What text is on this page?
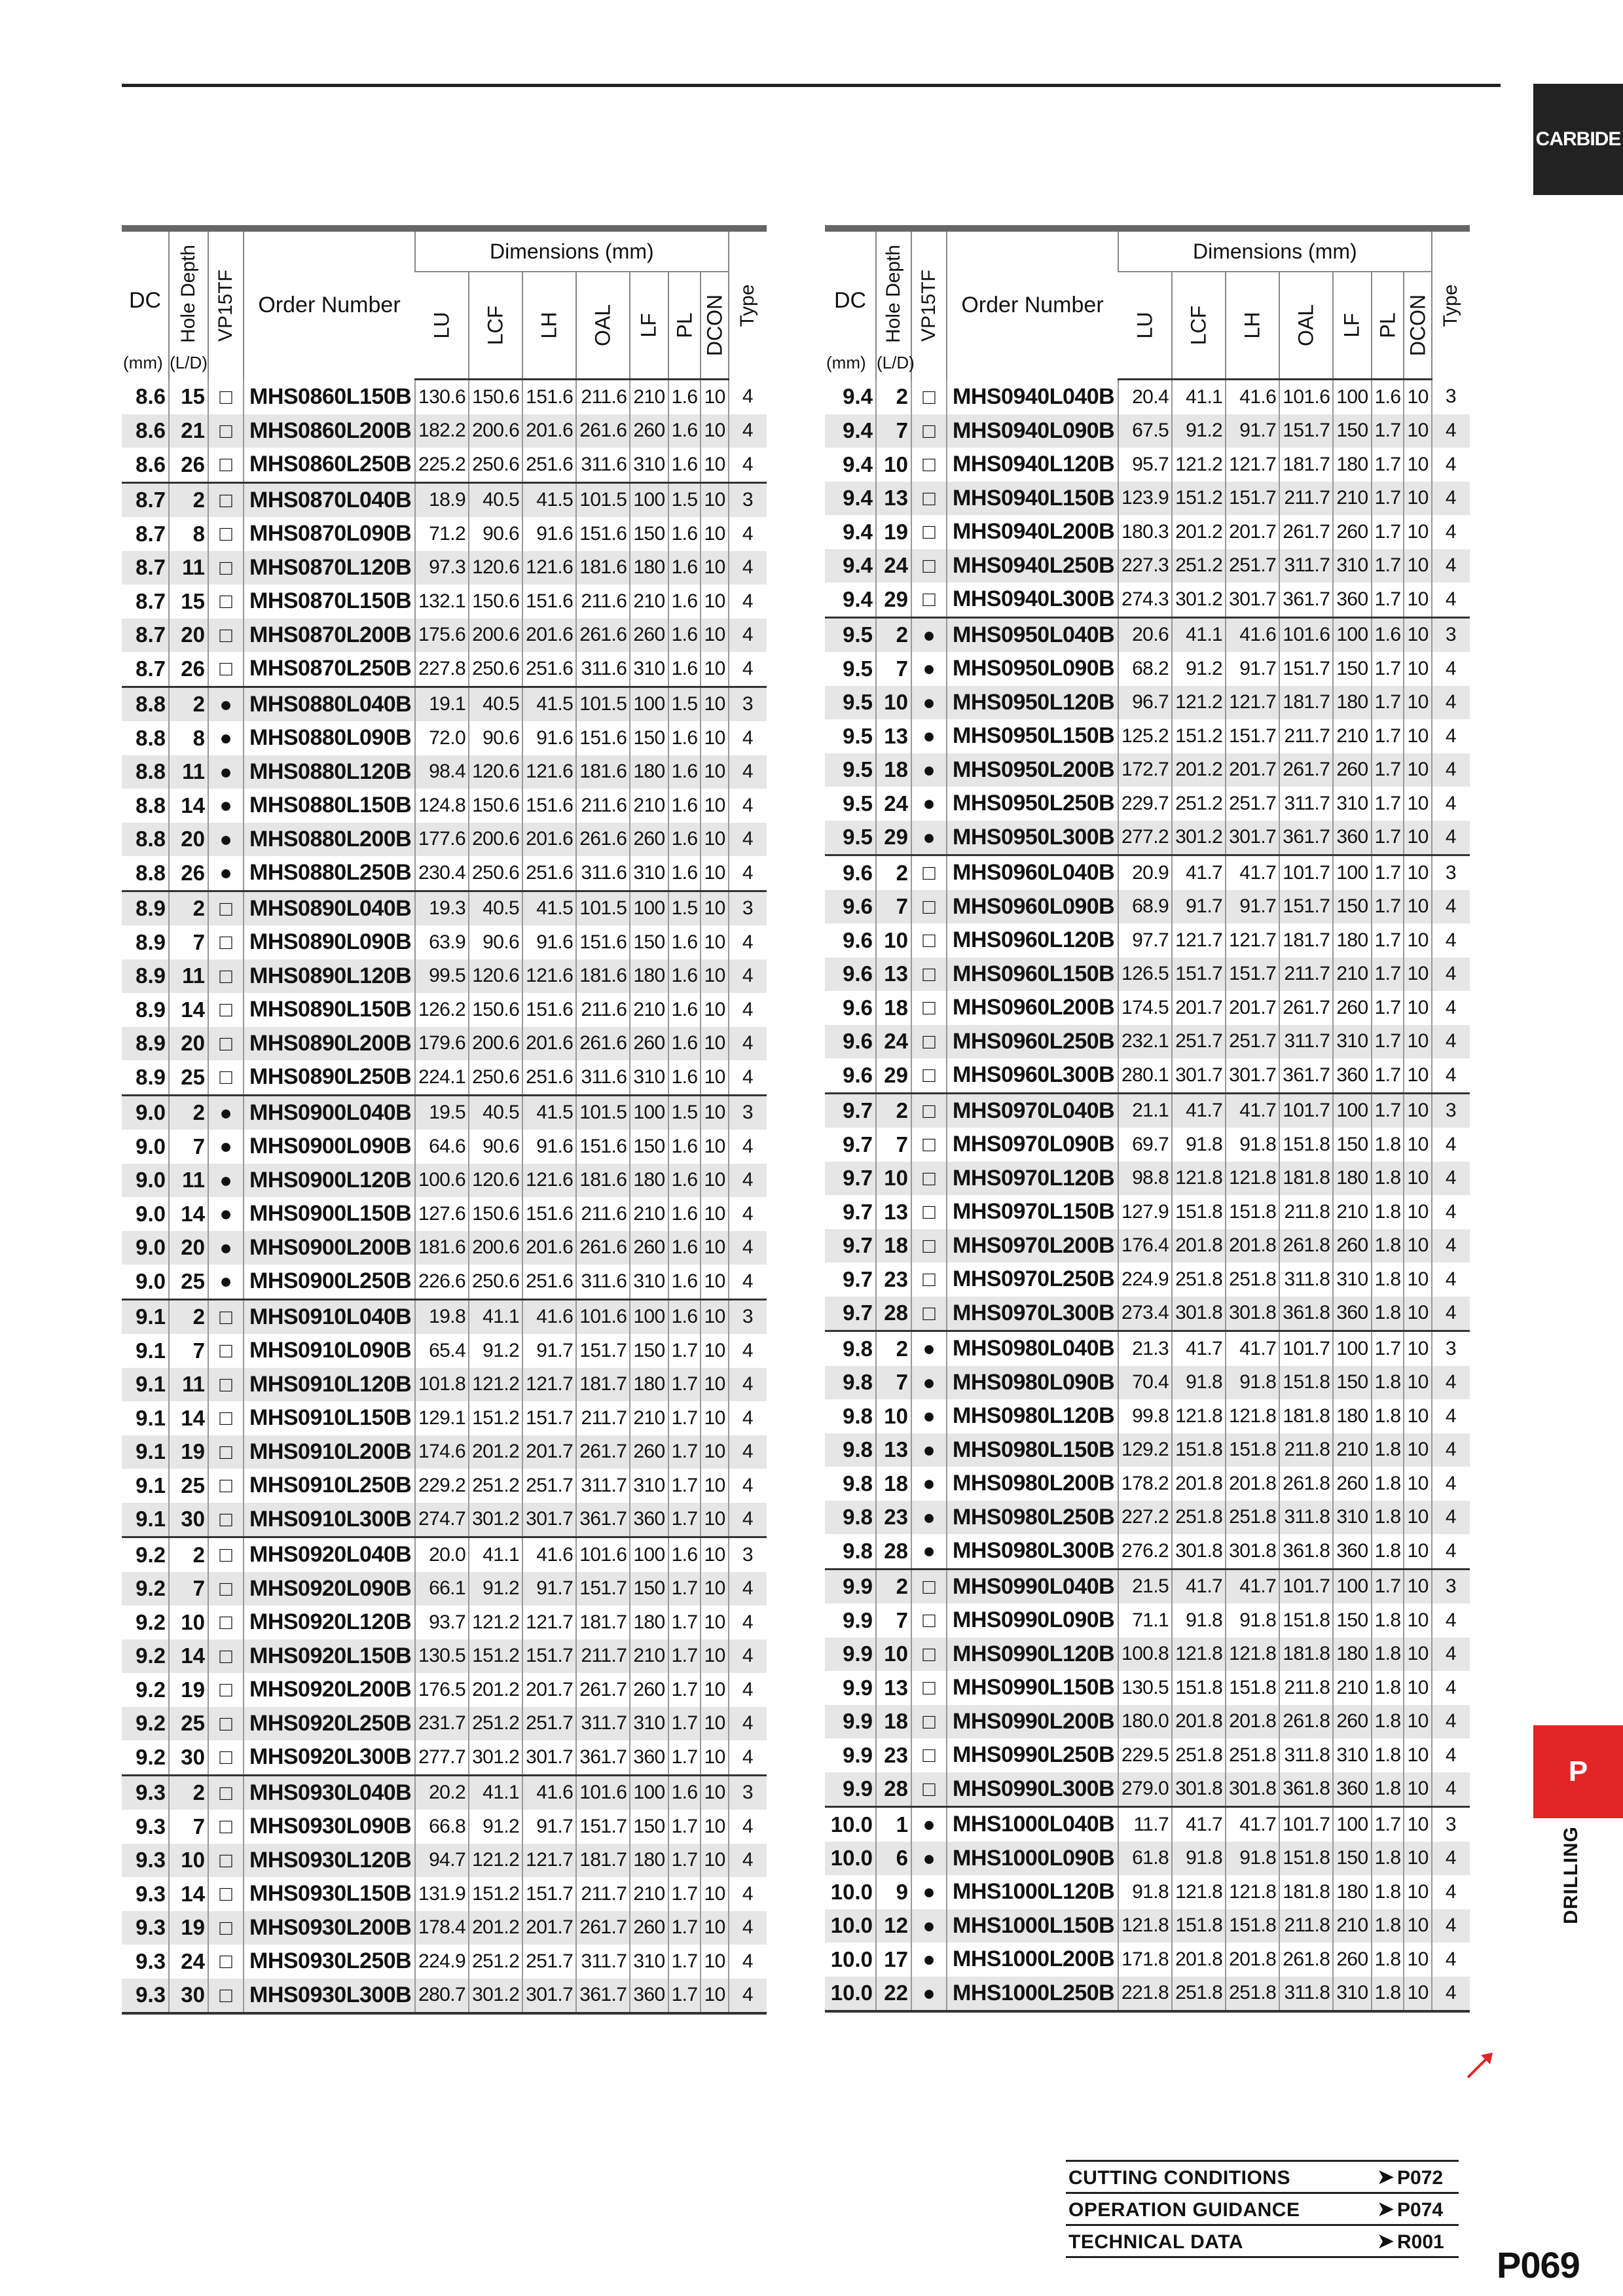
CARBIDE
P
DRILLING
DC
(mm)	Hole Depth
(L/D)	VP15TF	Order Number	Dimensions (mm)							Type

				LU	LCF	LH	OAL	LF	PL	DCON	

8.6	15	□	MHS0860L150B	130.6	150.6	151.6	211.6	210	1.6	10	4
8.6	21	□	MHS0860L200B	182.2	200.6	201.6	261.6	260	1.6	10	4
8.6	26	□	MHS0860L250B	225.2	250.6	251.6	311.6	310	1.6	10	4
8.7	2	□	MHS0870L040B	18.9	40.5	41.5	101.5	100	1.5	10	3
8.7	8	□	MHS0870L090B	71.2	90.6	91.6	151.6	150	1.6	10	4
8.7	11	□	MHS0870L120B	97.3	120.6	121.6	181.6	180	1.6	10	4
8.7	15	□	MHS0870L150B	132.1	150.6	151.6	211.6	210	1.6	10	4
8.7	20	□	MHS0870L200B	175.6	200.6	201.6	261.6	260	1.6	10	4
8.7	26	□	MHS0870L250B	227.8	250.6	251.6	311.6	310	1.6	10	4
8.8	2	●	MHS0880L040B	19.1	40.5	41.5	101.5	100	1.5	10	3
8.8	8	●	MHS0880L090B	72.0	90.6	91.6	151.6	150	1.6	10	4
8.8	11	●	MHS0880L120B	98.4	120.6	121.6	181.6	180	1.6	10	4
8.8	14	●	MHS0880L150B	124.8	150.6	151.6	211.6	210	1.6	10	4
8.8	20	●	MHS0880L200B	177.6	200.6	201.6	261.6	260	1.6	10	4
8.8	26	●	MHS0880L250B	230.4	250.6	251.6	311.6	310	1.6	10	4
8.9	2	□	MHS0890L040B	19.3	40.5	41.5	101.5	100	1.5	10	3
8.9	7	□	MHS0890L090B	63.9	90.6	91.6	151.6	150	1.6	10	4
8.9	11	□	MHS0890L120B	99.5	120.6	121.6	181.6	180	1.6	10	4
8.9	14	□	MHS0890L150B	126.2	150.6	151.6	211.6	210	1.6	10	4
8.9	20	□	MHS0890L200B	179.6	200.6	201.6	261.6	260	1.6	10	4
8.9	25	□	MHS0890L250B	224.1	250.6	251.6	311.6	310	1.6	10	4
9.0	2	●	MHS0900L040B	19.5	40.5	41.5	101.5	100	1.5	10	3
9.0	7	●	MHS0900L090B	64.6	90.6	91.6	151.6	150	1.6	10	4
9.0	11	●	MHS0900L120B	100.6	120.6	121.6	181.6	180	1.6	10	4
9.0	14	●	MHS0900L150B	127.6	150.6	151.6	211.6	210	1.6	10	4
9.0	20	●	MHS0900L200B	181.6	200.6	201.6	261.6	260	1.6	10	4
9.0	25	●	MHS0900L250B	226.6	250.6	251.6	311.6	310	1.6	10	4
9.1	2	□	MHS0910L040B	19.8	41.1	41.6	101.6	100	1.6	10	3
9.1	7	□	MHS0910L090B	65.4	91.2	91.7	151.7	150	1.7	10	4
9.1	11	□	MHS0910L120B	101.8	121.2	121.7	181.7	180	1.7	10	4
9.1	14	□	MHS0910L150B	129.1	151.2	151.7	211.7	210	1.7	10	4
9.1	19	□	MHS0910L200B	174.6	201.2	201.7	261.7	260	1.7	10	4
9.1	25	□	MHS0910L250B	229.2	251.2	251.7	311.7	310	1.7	10	4
9.1	30	□	MHS0910L300B	274.7	301.2	301.7	361.7	360	1.7	10	4
9.2	2	□	MHS0920L040B	20.0	41.1	41.6	101.6	100	1.6	10	3
9.2	7	□	MHS0920L090B	66.1	91.2	91.7	151.7	150	1.7	10	4
9.2	10	□	MHS0920L120B	93.7	121.2	121.7	181.7	180	1.7	10	4
9.2	14	□	MHS0920L150B	130.5	151.2	151.7	211.7	210	1.7	10	4
9.2	19	□	MHS0920L200B	176.5	201.2	201.7	261.7	260	1.7	10	4
9.2	25	□	MHS0920L250B	231.7	251.2	251.7	311.7	310	1.7	10	4
9.2	30	□	MHS0920L300B	277.7	301.2	301.7	361.7	360	1.7	10	4
9.3	2	□	MHS0930L040B	20.2	41.1	41.6	101.6	100	1.6	10	3
9.3	7	□	MHS0930L090B	66.8	91.2	91.7	151.7	150	1.7	10	4
9.3	10	□	MHS0930L120B	94.7	121.2	121.7	181.7	180	1.7	10	4
9.3	14	□	MHS0930L150B	131.9	151.2	151.7	211.7	210	1.7	10	4
9.3	19	□	MHS0930L200B	178.4	201.2	201.7	261.7	260	1.7	10	4
9.3	24	□	MHS0930L250B	224.9	251.2	251.7	311.7	310	1.7	10	4
9.3	30	□	MHS0930L300B	280.7	301.2	301.7	361.7	360	1.7	10	4
DC
(mm)	Hole Depth
(L/D)	VP15TF	Order Number	Dimensions (mm)							Type

				LU	LCF	LH	OAL	LF	PL	DCON	

9.4	2	□	MHS0940L040B	20.4	41.1	41.6	101.6	100	1.6	10	3
9.4	7	□	MHS0940L090B	67.5	91.2	91.7	151.7	150	1.7	10	4
9.4	10	□	MHS0940L120B	95.7	121.2	121.7	181.7	180	1.7	10	4
9.4	13	□	MHS0940L150B	123.9	151.2	151.7	211.7	210	1.7	10	4
9.4	19	□	MHS0940L200B	180.3	201.2	201.7	261.7	260	1.7	10	4
9.4	24	□	MHS0940L250B	227.3	251.2	251.7	311.7	310	1.7	10	4
9.4	29	□	MHS0940L300B	274.3	301.2	301.7	361.7	360	1.7	10	4
9.5	2	●	MHS0950L040B	20.6	41.1	41.6	101.6	100	1.6	10	3
9.5	7	●	MHS0950L090B	68.2	91.2	91.7	151.7	150	1.7	10	4
9.5	10	●	MHS0950L120B	96.7	121.2	121.7	181.7	180	1.7	10	4
9.5	13	●	MHS0950L150B	125.2	151.2	151.7	211.7	210	1.7	10	4
9.5	18	●	MHS0950L200B	172.7	201.2	201.7	261.7	260	1.7	10	4
9.5	24	●	MHS0950L250B	229.7	251.2	251.7	311.7	310	1.7	10	4
9.5	29	●	MHS0950L300B	277.2	301.2	301.7	361.7	360	1.7	10	4
9.6	2	□	MHS0960L040B	20.9	41.7	41.7	101.7	100	1.7	10	3
9.6	7	□	MHS0960L090B	68.9	91.7	91.7	151.7	150	1.7	10	4
9.6	10	□	MHS0960L120B	97.7	121.7	121.7	181.7	180	1.7	10	4
9.6	13	□	MHS0960L150B	126.5	151.7	151.7	211.7	210	1.7	10	4
9.6	18	□	MHS0960L200B	174.5	201.7	201.7	261.7	260	1.7	10	4
9.6	24	□	MHS0960L250B	232.1	251.7	251.7	311.7	310	1.7	10	4
9.6	29	□	MHS0960L300B	280.1	301.7	301.7	361.7	360	1.7	10	4
9.7	2	□	MHS0970L040B	21.1	41.7	41.7	101.7	100	1.7	10	3
9.7	7	□	MHS0970L090B	69.7	91.8	91.8	151.8	150	1.8	10	4
9.7	10	□	MHS0970L120B	98.8	121.8	121.8	181.8	180	1.8	10	4
9.7	13	□	MHS0970L150B	127.9	151.8	151.8	211.8	210	1.8	10	4
9.7	18	□	MHS0970L200B	176.4	201.8	201.8	261.8	260	1.8	10	4
9.7	23	□	MHS0970L250B	224.9	251.8	251.8	311.8	310	1.8	10	4
9.7	28	□	MHS0970L300B	273.4	301.8	301.8	361.8	360	1.8	10	4
9.8	2	●	MHS0980L040B	21.3	41.7	41.7	101.7	100	1.7	10	3
9.8	7	●	MHS0980L090B	70.4	91.8	91.8	151.8	150	1.8	10	4
9.8	10	●	MHS0980L120B	99.8	121.8	121.8	181.8	180	1.8	10	4
9.8	13	●	MHS0980L150B	129.2	151.8	151.8	211.8	210	1.8	10	4
9.8	18	●	MHS0980L200B	178.2	201.8	201.8	261.8	260	1.8	10	4
9.8	23	●	MHS0980L250B	227.2	251.8	251.8	311.8	310	1.8	10	4
9.8	28	●	MHS0980L300B	276.2	301.8	301.8	361.8	360	1.8	10	4
9.9	2	□	MHS0990L040B	21.5	41.7	41.7	101.7	100	1.7	10	3
9.9	7	□	MHS0990L090B	71.1	91.8	91.8	151.8	150	1.8	10	4
9.9	10	□	MHS0990L120B	100.8	121.8	121.8	181.8	180	1.8	10	4
9.9	13	□	MHS0990L150B	130.5	151.8	151.8	211.8	210	1.8	10	4
9.9	18	□	MHS0990L200B	180.0	201.8	201.8	261.8	260	1.8	10	4
9.9	23	□	MHS0990L250B	229.5	251.8	251.8	311.8	310	1.8	10	4
9.9	28	□	MHS0990L300B	279.0	301.8	301.8	361.8	360	1.8	10	4
10.0	1	●	MHS1000L040B	11.7	41.7	41.7	101.7	100	1.7	10	3
10.0	6	●	MHS1000L090B	61.8	91.8	91.8	151.8	150	1.8	10	4
10.0	9	●	MHS1000L120B	91.8	121.8	121.8	181.8	180	1.8	10	4
10.0	12	●	MHS1000L150B	121.8	151.8	151.8	211.8	210	1.8	10	4
10.0	17	●	MHS1000L200B	171.8	201.8	201.8	261.8	260	1.8	10	4
10.0	22	●	MHS1000L250B	221.8	251.8	251.8	311.8	310	1.8	10	4
CUTTING CONDITIONS	➤ P072
OPERATION GUIDANCE	➤ P074
TECHNICAL DATA	➤ R001
P069
